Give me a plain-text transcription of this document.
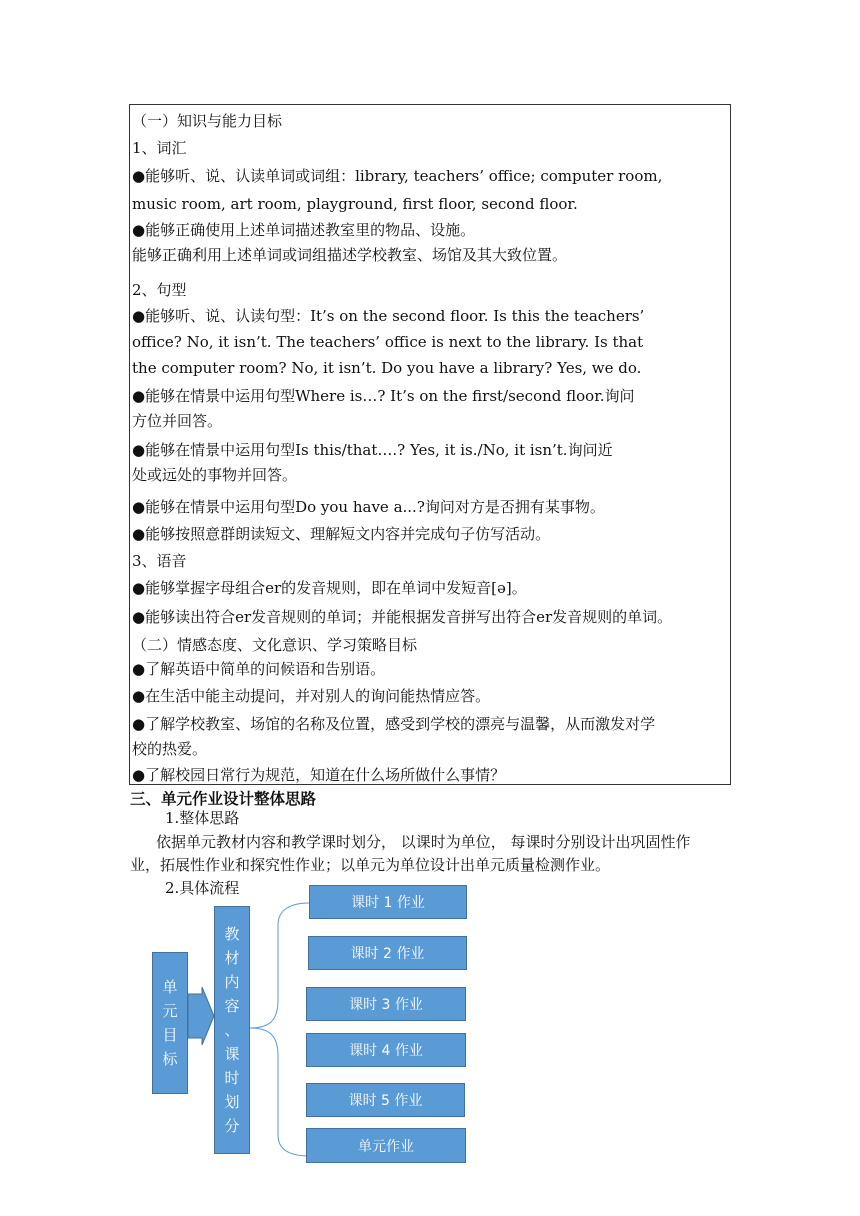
（一）知识与能力目标
1、词汇
●能够听、说、认读单词或词组：library, teachers’ office; computer room,
music room, art room, playground, first floor, second floor.
●能够正确使用上述单词描述教室里的物品、设施。
能够正确利用上述单词或词组描述学校教室、场馆及其大致位置。
2、句型
●能够听、说、认读句型：It’s on the second floor. Is this the teachers’
office? No, it isn’t. The teachers’ office is next to the library. Is that
the computer room? No, it isn’t. Do you have a library? Yes, we do.
●能够在情景中运用句型Where is…? It’s on the first/second floor.询问
方位并回答。
●能够在情景中运用句型Is this/that….? Yes, it is./No, it isn’t.询问近
处或远处的事物并回答。
●能够在情景中运用句型Do you have a...?询问对方是否拥有某事物。
●能够按照意群朗读短文、理解短文内容并完成句子仿写活动。
3、语音
●能够掌握字母组合er的发音规则，即在单词中发短音[ə]。
●能够读出符合er发音规则的单词；并能根据发音拼写出符合er发音规则的单词。
（二）情感态度、文化意识、学习策略目标
●了解英语中简单的问候语和告别语。
●在生活中能主动提问，并对别人的询问能热情应答。
●了解学校教室、场馆的名称及位置，感受到学校的漂亮与温馨，从而激发对学
校的热爱。
●了解校园日常行为规范，知道在什么场所做什么事情？
三、单元作业设计整体思路
1.整体思路
依据单元教材内容和教学课时划分， 以课时为单位， 每课时分别设计出巩固性作
业，拓展性作业和探究性作业；以单元为单位设计出单元质量检测作业。
2.具体流程
单
元
目
标
教
材
内
容
、
课
时
划
分
课时 1 作业
课时 2 作业
课时 3 作业
课时 4 作业
课时 5 作业
单元作业
